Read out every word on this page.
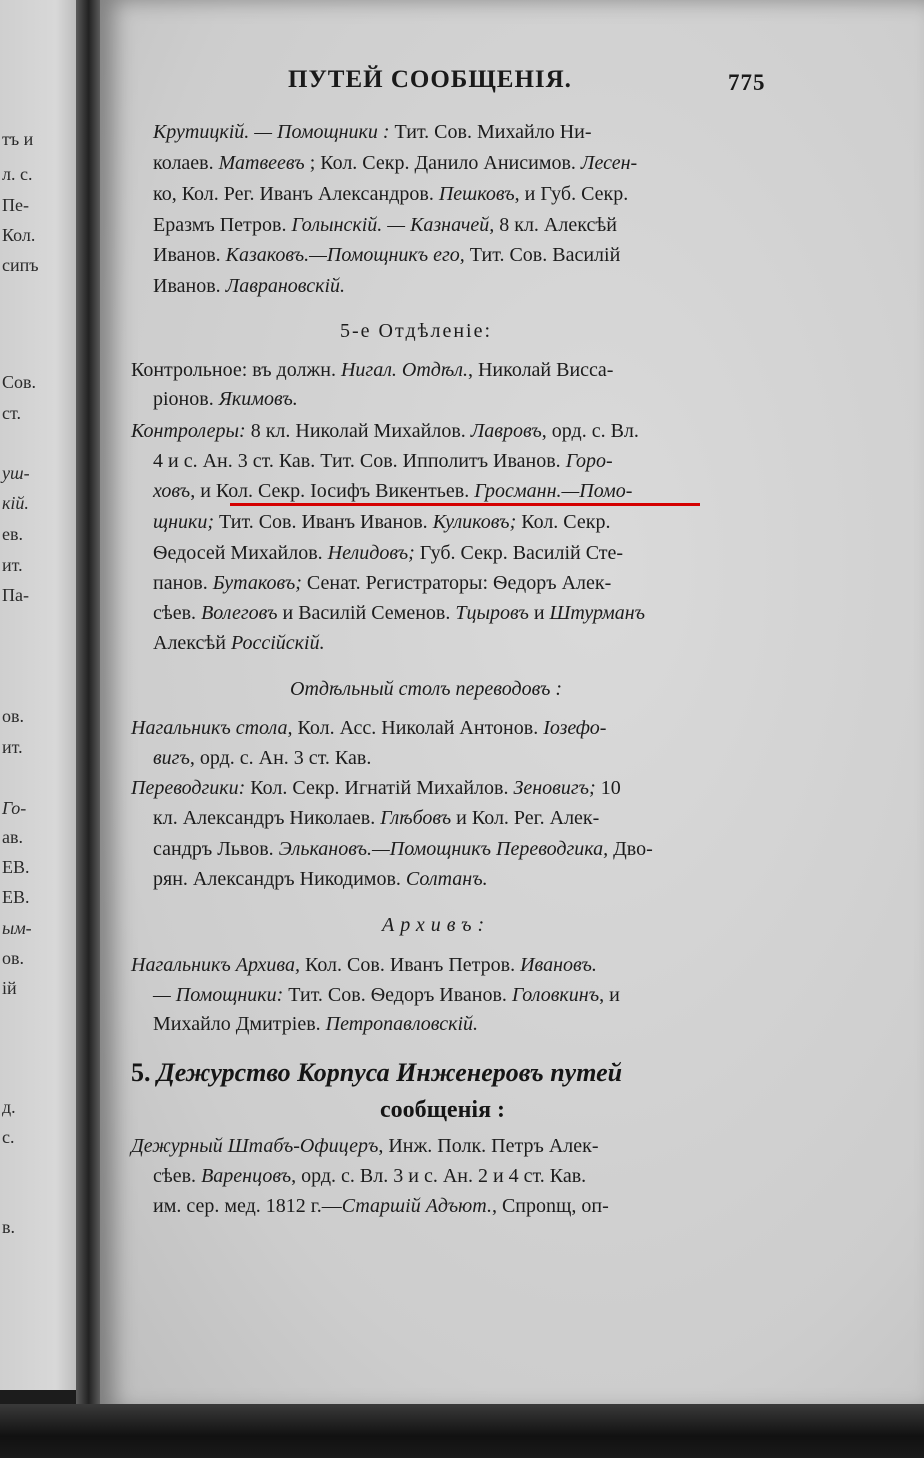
тъ и
л. с.
Пе-
Кол.
сипъ
Сов.
ст.
уш-
кій.
ев.
ит.
Па-
ов.
ит.
Го-
ав.
ЕВ.
ЕВ.
ым-
ов.
ій
д.
с.
в.
ПУТЕЙ СООБЩЕНІЯ.	775
Крутицкій. — Помощники : Тит. Сов. Михайло Ни-
колаев. Матвеевъ ; Кол. Секр. Данило Анисимов. Лесен-
ко, Кол. Рег. Иванъ Александров. Пешковъ, и Губ. Секр.
Еразмъ Петров. Голынскій. — Казначей, 8 кл. Алексѣй
Иванов. Казаковъ.—Помощникъ его, Тит. Сов. Василій
Иванов. Лаврановскій.
5-е Отдѣленіе:
Контрольное: въ должн. Нигал. Отдѣл., Николай Виссa-
ріонов. Якимовъ.
Контролеры: 8 кл. Николай Михайлов. Лавровъ, орд. с. Вл.
4 и с. Ан. 3 ст. Кав. Тит. Сов. Ипполитъ Иванов. Горо-
ховъ, и Кол. Секр. Іосифъ Викентьев. Гросманн.—Помо-
щники; Тит. Сов. Иванъ Иванов. Куликовъ; Кол. Секр.
Ѳедосей Михайлов. Нелидовъ; Губ. Секр. Василій Сте-
панов. Бутаковъ; Сенат. Регистраторы: Ѳедоръ Алек-
сѣев. Волеговъ и Василій Семенов. Тцыровъ и Штурманъ
Алексѣй Россійскій.
Отдѣльный столъ переводовъ :
Нагальникъ стола, Кол. Асс. Николай Антонов. Іозефо-
вигъ, орд. с. Ан. 3 ст. Кав.
Переводгики: Кол. Секр. Игнатій Михайлов. Зеновигъ; 10
кл. Александръ Николаев. Глѣбовъ и Кол. Рег. Алек-
сандръ Львов. Элькановъ.—Помощникъ Переводгика, Дво-
рян. Александръ Никодимов. Солтанъ.
Архивъ:
Нагальникъ Архива, Кол. Сов. Иванъ Петров. Ивановъ.
— Помощники: Тит. Сов. Ѳедоръ Иванов. Головкинъ, и
Михайло Дмитріев. Петропавловскій.
5. Дежурство Корпуса Инженеровъ путей
сообщенія :
Дежурный Штабъ-Офицеръ, Инж. Полк. Петръ Алек-
сѣев. Варенцовъ, орд. с. Вл. 3 и с. Ан. 2 и 4 ст. Кав.
им. сер. мед. 1812 г.—Старшій Адъют., Спроnщ, оп-
